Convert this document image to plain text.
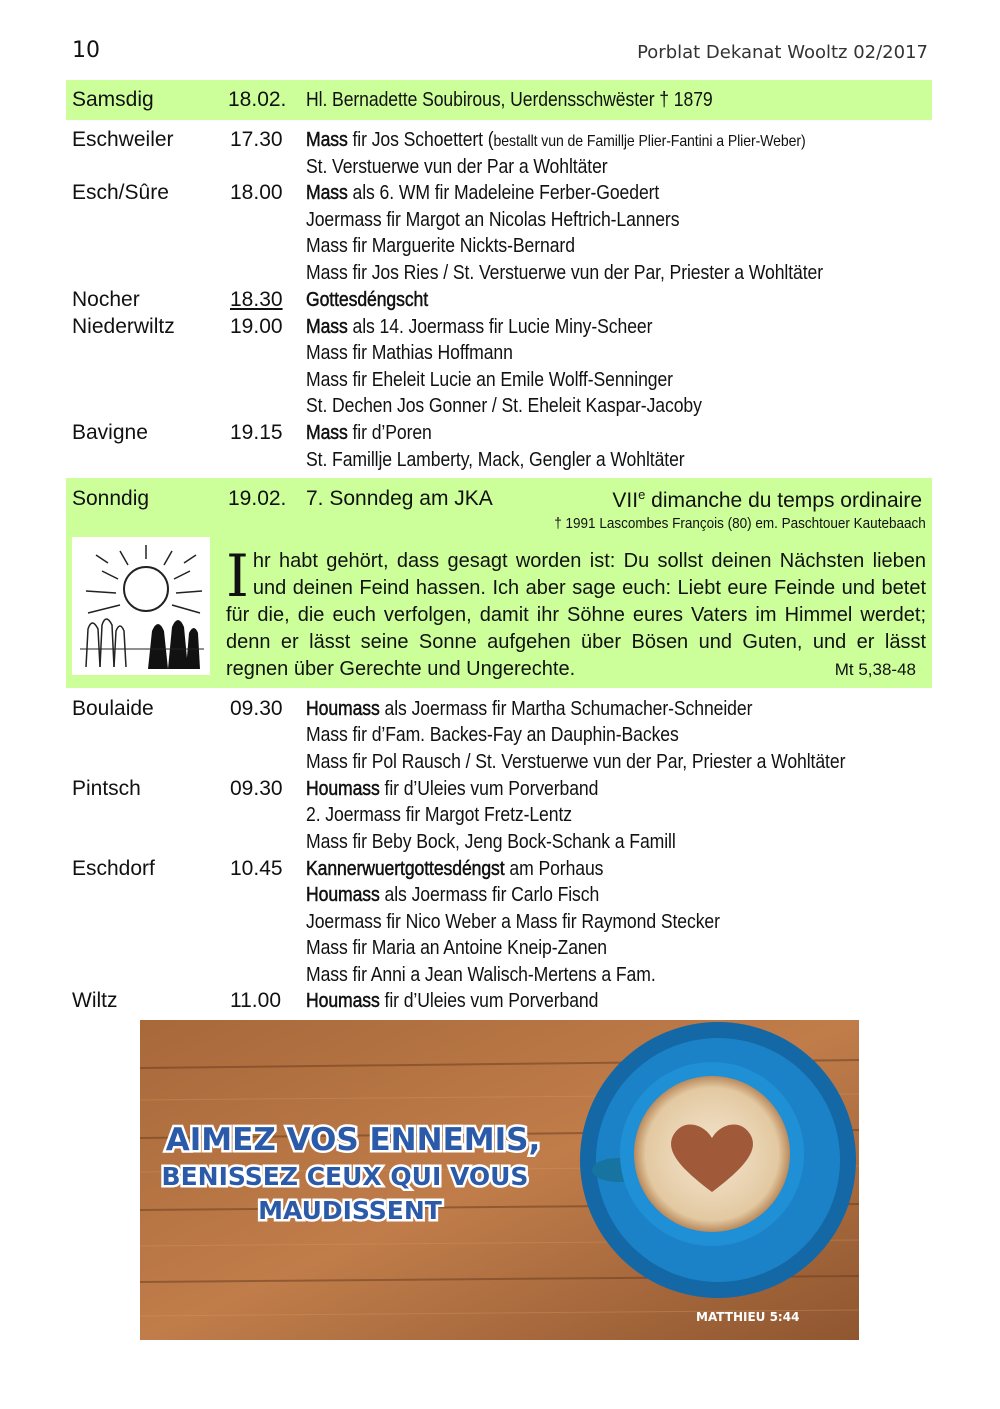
10	Porblat Dekanat Wooltz 02/2017
Samsdig	18.02. Hl. Bernadette Soubirous, Uerdensschwëster † 1879
Eschweiler	17.30 Mass fir Jos Schoettert (bestallt vun de Famillje Plier-Fantini a Plier-Weber)
St. Verstuerwe vun der Par a Wohltäter
Esch/Sûre	18.00 Mass als 6. WM fir Madeleine Ferber-Goedert
Joermass fir Margot an Nicolas Heftrich-Lanners
Mass fir Marguerite Nickts-Bernard
Mass fir Jos Ries / St. Verstuerwe vun der Par, Priester a Wohltäter
Nocher	18.30 Gottesdéngscht
Niederwiltz	19.00 Mass als 14. Joermass fir Lucie Miny-Scheer
Mass fir Mathias Hoffmann
Mass fir Eheleit Lucie an Emile Wolff-Senninger
St. Dechen Jos Gonner / St. Eheleit Kaspar-Jacoby
Bavigne	19.15 Mass fir d’Poren
St. Famillje Lamberty, Mack, Gengler a Wohltäter
Sonndig	19.02. 7. Sonndeg am JKA	VIIe dimanche du temps ordinaire
† 1991 Lascombes François (80) em. Paschtouer Kautebaach
Ihr habt gehört, dass gesagt worden ist: Du sollst deinen Nächsten lieben und deinen Feind hassen. Ich aber sage euch: Liebt eure Feinde und betet für die, die euch verfolgen, damit ihr Söhne eures Vaters im Himmel werdet; denn er lässt seine Sonne aufgehen über Bösen und Guten, und er lässt regnen über Gerechte und Ungerechte.	Mt 5,38-48
Boulaide	09.30 Houmass als Joermass fir Martha Schumacher-Schneider
Mass fir d’Fam. Backes-Fay an Dauphin-Backes
Mass fir Pol Rausch / St. Verstuerwe vun der Par, Priester a Wohltäter
Pintsch	09.30 Houmass fir d’Uleies vum Porverband
2. Joermass fir Margot Fretz-Lentz
Mass fir Beby Bock, Jeng Bock-Schank a Famill
Eschdorf	10.45 Kannerwuertgottesdéngst am Porhaus
Houmass als Joermass fir Carlo Fisch
Joermass fir Nico Weber a Mass fir Raymond Stecker
Mass fir Maria an Antoine Kneip-Zanen
Mass fir Anni a Jean Walisch-Mertens a Fam.
Wiltz	11.00 Houmass fir d’Uleies vum Porverband
AIMEZ VOS ENNEMIS,
BENISSEZ CEUX QUI VOUS
MAUDISSENT
MATTHIEU 5:44
